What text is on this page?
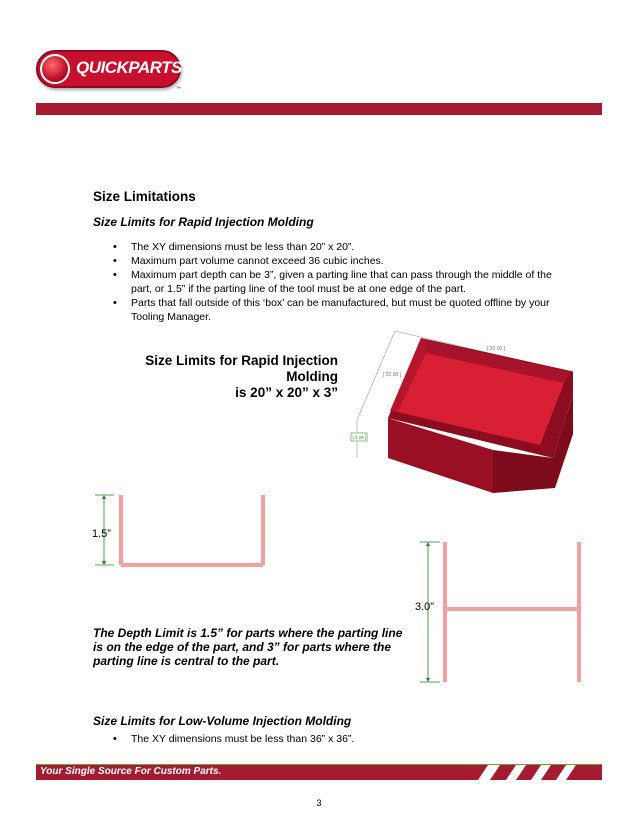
QUICKPARTS
™
Size Limitations
Size Limits for Rapid Injection Molding
• The XY dimensions must be less than 20” x 20”.
• Maximum part volume cannot exceed 36 cubic inches.
• Maximum part depth can be 3”, given a parting line that can pass through the middle of the part, or 1.5” if the parting line of the tool must be at one edge of the part.
• Parts that fall outside of this ‘box’ can be manufactured, but must be quoted offline by your Tooling Manager.
Size Limits for Rapid Injection Molding
is 20” x 20” x 3”
[ 20.00 ]
[ 20.00 ]
[ 3.00 ]
1.5”
3.0”
The Depth Limit is 1.5” for parts where the parting line is on the edge of the part, and 3” for parts where the parting line is central to the part.
Size Limits for Low-Volume Injection Molding
• The XY dimensions must be less than 36” x 36”.
Your Single Source For Custom Parts.
3
